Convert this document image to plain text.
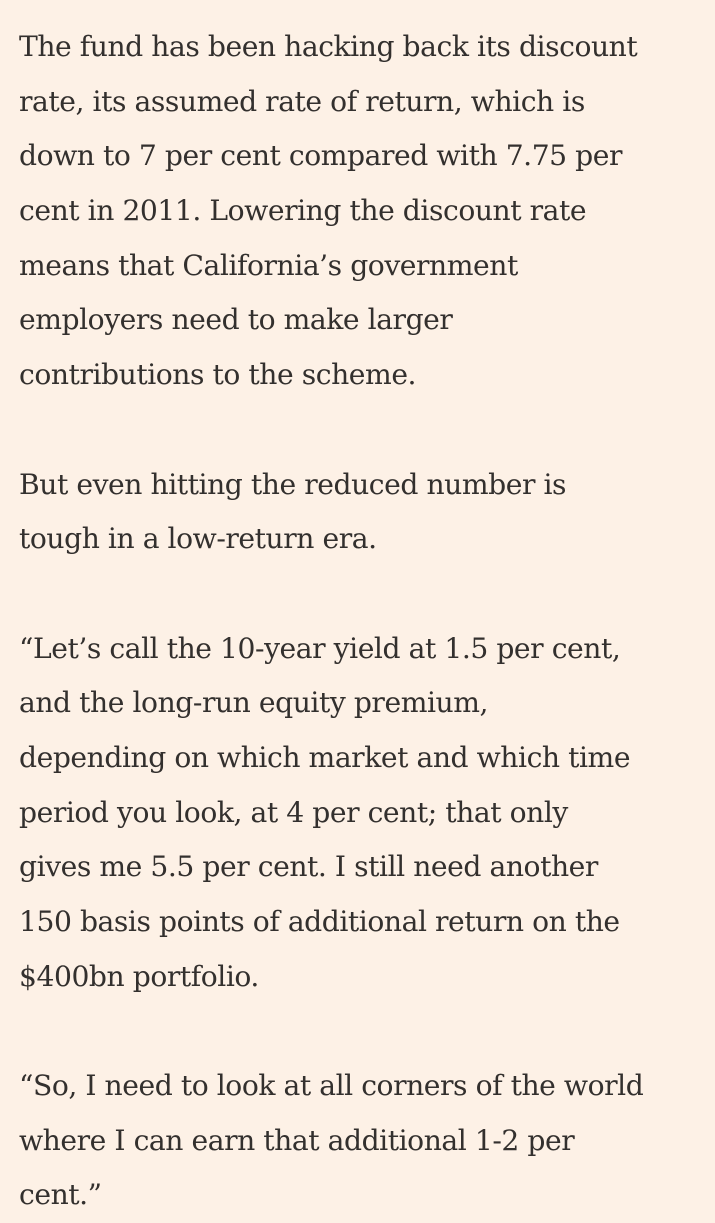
The fund has been hacking back its discount
rate, its assumed rate of return, which is
down to 7 per cent compared with 7.75 per
cent in 2011. Lowering the discount rate
means that California’s government
employers need to make larger
contributions to the scheme.

But even hitting the reduced number is
tough in a low-return era.

“Let’s call the 10-year yield at 1.5 per cent,
and the long-run equity premium,
depending on which market and which time
period you look, at 4 per cent; that only
gives me 5.5 per cent. I still need another
150 basis points of additional return on the
$400bn portfolio.

“So, I need to look at all corners of the world
where I can earn that additional 1-2 per
cent.”
